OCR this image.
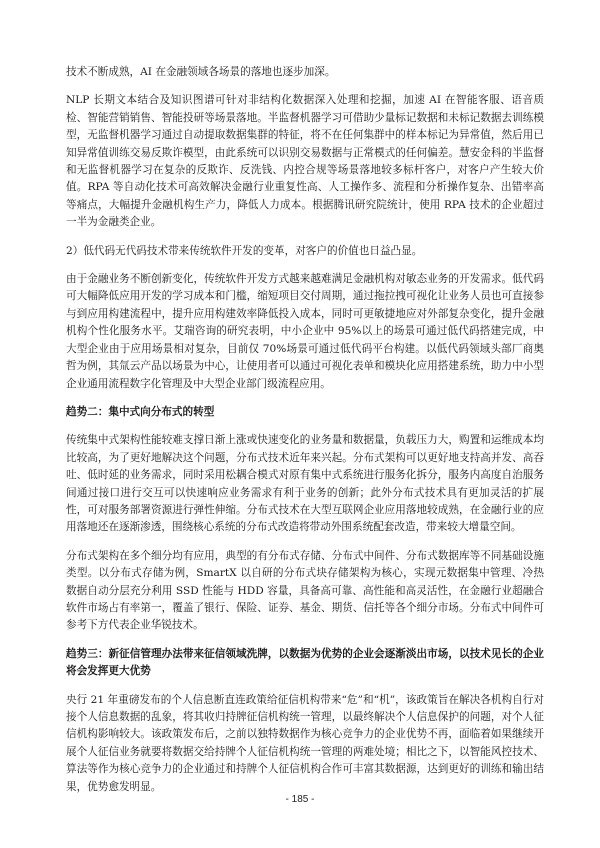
技术不断成熟，AI 在金融领域各场景的落地也逐步加深。

NLP 长期文本结合及知识图谱可针对非结构化数据深入处理和挖掘，加速 AI 在智能客服、语音质检、智能营销销售、智能投研等场景落地。半监督机器学习可借助少量标记数据和未标记数据去训练模型，无监督机器学习通过自动提取数据集群的特征，将不在任何集群中的样本标记为异常值，然后用已知异常值训练交易反欺诈模型，由此系统可以识别交易数据与正常模式的任何偏差。慧安金科的半监督和无监督机器学习在复杂的反欺诈、反洗钱、内控合规等场景落地较多标杆客户，对客户产生较大价值。RPA 等自动化技术可高效解决金融行业重复性高、人工操作多、流程和分析操作复杂、出错率高等痛点，大幅提升金融机构生产力，降低人力成本。根据腾讯研究院统计，使用 RPA 技术的企业超过一半为金融类企业。

2）低代码无代码技术带来传统软件开发的变革，对客户的价值也日益凸显。

由于金融业务不断创新变化，传统软件开发方式越来越难满足金融机构对敏态业务的开发需求。低代码可大幅降低应用开发的学习成本和门槛，缩短项目交付周期，通过拖拉拽可视化让业务人员也可直接参与到应用构建流程中，提升应用构建效率降低投入成本，同时可更敏捷地应对外部复杂变化，提升金融机构个性化服务水平。艾瑞咨询的研究表明，中小企业中 95%以上的场景可通过低代码搭建完成，中大型企业由于应用场景相对复杂，目前仅 70%场景可通过低代码平台构建。以低代码领域头部厂商奥哲为例，其氚云产品以场景为中心，让使用者可以通过可视化表单和模块化应用搭建系统，助力中小型企业通用流程数字化管理及中大型企业部门级流程应用。

趋势二：集中式向分布式的转型

传统集中式架构性能较难支撑日渐上涨或快速变化的业务量和数据量，负载压力大，购置和运维成本均比较高，为了更好地解决这个问题，分布式技术近年来兴起。分布式架构可以更好地支持高并发、高吞吐、低时延的业务需求，同时采用松耦合模式对原有集中式系统进行服务化拆分，服务内高度自治服务间通过接口进行交互可以快速响应业务需求有利于业务的创新；此外分布式技术具有更加灵活的扩展性，可对服务部署资源进行弹性伸缩。分布式技术在大型互联网企业应用落地较成熟，在金融行业的应用落地还在逐渐渗透，围绕核心系统的分布式改造将带动外围系统配套改造，带来较大增量空间。

分布式架构在多个细分均有应用，典型的有分布式存储、分布式中间件、分布式数据库等不同基础设施类型。以分布式存储为例，SmartX 以自研的分布式块存储架构为核心，实现元数据集中管理、冷热数据自动分层充分利用 SSD 性能与 HDD 容量，具备高可靠、高性能和高灵活性，在金融行业超融合软件市场占有率第一，覆盖了银行、保险、证券、基金、期货、信托等各个细分市场。分布式中间件可参考下方代表企业华锐技术。

趋势三：新征信管理办法带来征信领域洗牌，以数据为优势的企业会逐渐淡出市场，以技术见长的企业将会发挥更大优势

央行 21 年重磅发布的个人信息断直连政策给征信机构带来“危”和“机”，该政策旨在解决各机构自行对接个人信息数据的乱象，将其收归持牌征信机构统一管理，以最终解决个人信息保护的问题，对个人征信机构影响较大。该政策发布后，之前以独特数据作为核心竞争力的企业优势不再，面临着如果继续开展个人征信业务就要将数据交给持牌个人征信机构统一管理的两难处境；相比之下，以智能风控技术、算法等作为核心竞争力的企业通过和持牌个人征信机构合作可丰富其数据源，达到更好的训练和输出结果，优势愈发明显。

- 185 -
